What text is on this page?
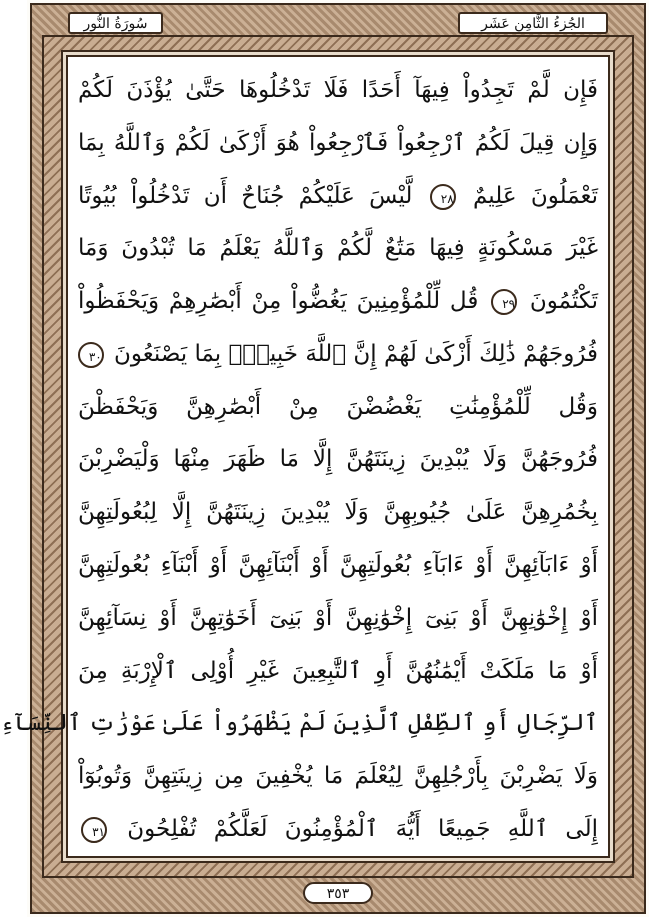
الجُزءُ الثَّامِن عَشَر
سُورَةُ النُّور
فَإِن لَّمْ تَجِدُواْ فِيهَآ أَحَدًا فَلَا تَدْخُلُوهَا حَتَّىٰ يُؤْذَنَ لَكُمْ
وَإِن قِيلَ لَكُمُ ٱرْجِعُواْ فَٱرْجِعُواْ هُوَ أَزْكَىٰ لَكُمْ وَٱللَّهُ بِمَا
تَعْمَلُونَ عَلِيمٌ ٢٨ لَّيْسَ عَلَيْكُمْ جُنَاحٌ أَن تَدْخُلُواْ بُيُوتًا
غَيْرَ مَسْكُونَةٍ فِيهَا مَتَٰعٌ لَّكُمْ وَٱللَّهُ يَعْلَمُ مَا تُبْدُونَ وَمَا
تَكْتُمُونَ ٢٩ قُل لِّلْمُؤْمِنِينَ يَغُضُّواْ مِنْ أَبْصَٰرِهِمْ وَيَحْفَظُواْ
فُرُوجَهُمْ ذَٰلِكَ أَزْكَىٰ لَهُمْ إِنَّ ٱللَّهَ خَبِيرٌۢ بِمَا يَصْنَعُونَ ٣٠
وَقُل لِّلْمُؤْمِنَٰتِ يَغْضُضْنَ مِنْ أَبْصَٰرِهِنَّ وَيَحْفَظْنَ
فُرُوجَهُنَّ وَلَا يُبْدِينَ زِينَتَهُنَّ إِلَّا مَا ظَهَرَ مِنْهَا وَلْيَضْرِبْنَ
بِخُمُرِهِنَّ عَلَىٰ جُيُوبِهِنَّ وَلَا يُبْدِينَ زِينَتَهُنَّ إِلَّا لِبُعُولَتِهِنَّ
أَوْ ءَابَآئِهِنَّ أَوْ ءَابَآءِ بُعُولَتِهِنَّ أَوْ أَبْنَآئِهِنَّ أَوْ أَبْنَآءِ بُعُولَتِهِنَّ
أَوْ إِخْوَٰنِهِنَّ أَوْ بَنِىٓ إِخْوَٰنِهِنَّ أَوْ بَنِىٓ أَخَوَٰتِهِنَّ أَوْ نِسَآئِهِنَّ
أَوْ مَا مَلَكَتْ أَيْمَٰنُهُنَّ أَوِ ٱلتَّٰبِعِينَ غَيْرِ أُوْلِى ٱلْإِرْبَةِ مِنَ
ٱلرِّجَالِ أَوِ ٱلطِّفْلِ ٱلَّذِينَ لَمْ يَظْهَرُواْ عَلَىٰ عَوْرَٰتِ ٱلنِّسَآءِ
وَلَا يَضْرِبْنَ بِأَرْجُلِهِنَّ لِيُعْلَمَ مَا يُخْفِينَ مِن زِينَتِهِنَّ وَتُوبُوٓاْ
إِلَى ٱللَّهِ جَمِيعًا أَيُّهَ ٱلْمُؤْمِنُونَ لَعَلَّكُمْ تُفْلِحُونَ ٣١
٣٥٣
